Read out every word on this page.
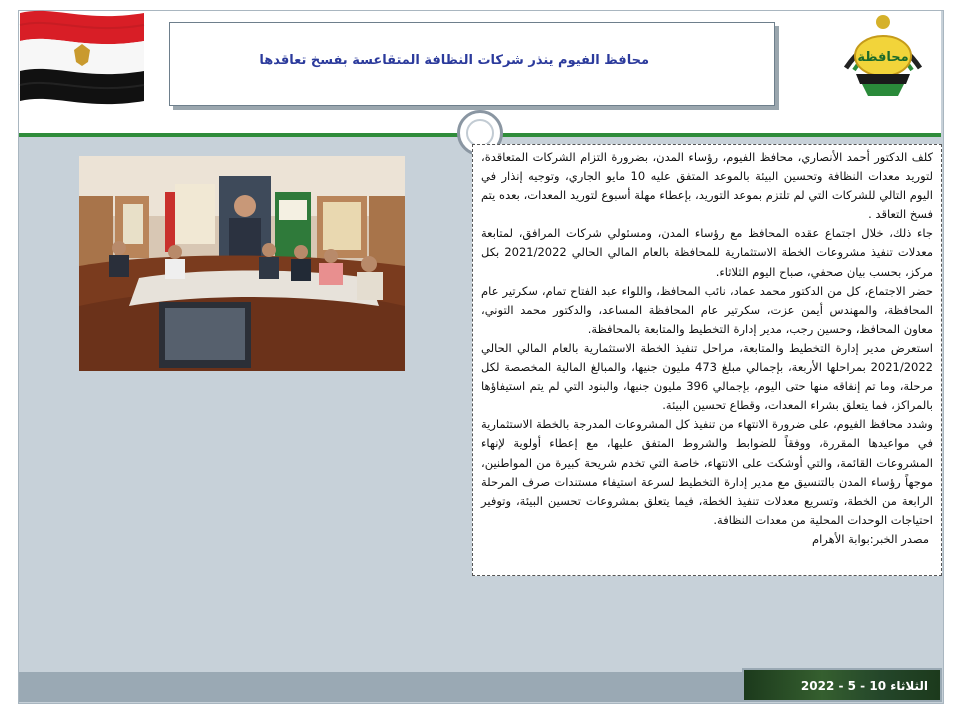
محافظة
محافظ الفيوم ينذر شركات النظافة المتقاعسة بفسخ تعاقدها

كلف الدكتور أحمد الأنصاري، محافظ الفيوم، رؤساء المدن، بضرورة التزام الشركات المتعاقدة، لتوريد معدات النظافة وتحسين البيئة بالموعد المتفق عليه 10 مايو الجاري، وتوجيه إنذار في اليوم التالي للشركات التي لم تلتزم بموعد التوريد، بإعطاء مهلة أسبوع لتوريد المعدات، بعده يتم فسخ التعاقد .

جاء ذلك، خلال اجتماع عقده المحافظ مع رؤساء المدن، ومسئولي شركات المرافق، لمتابعة معدلات تنفيذ مشروعات الخطة الاستثمارية للمحافظة بالعام المالي الحالي 2021/2022 بكل مركز، بحسب بيان صحفي، صباح اليوم الثلاثاء.

حضر الاجتماع، كل من الدكتور محمد عماد، نائب المحافظ، واللواء عبد الفتاح تمام، سكرتير عام المحافظة، والمهندس أيمن عزت، سكرتير عام المحافظة المساعد، والدكتور محمد التوني، معاون المحافظ، وحسين رجب، مدير إدارة التخطيط والمتابعة بالمحافظة.

استعرض مدير إدارة التخطيط والمتابعة، مراحل تنفيذ الخطة الاستثمارية بالعام المالي الحالي 2021/2022 بمراحلها الأربعة، بإجمالي مبلغ 473 مليون جنيها، والمبالغ المالية المخصصة لكل مرحلة، وما تم إنفاقه منها حتى اليوم، بإجمالي 396 مليون جنيها، والبنود التي لم يتم استيفاؤها بالمراكز، فما يتعلق بشراء المعدات، وقطاع تحسين البيئة.

وشدد محافظ الفيوم، على ضرورة الانتهاء من تنفيذ كل المشروعات المدرجة بالخطة الاستثمارية في مواعيدها المقررة، ووفقاً للضوابط والشروط المتفق عليها، مع إعطاء أولوية لإنهاء المشروعات القائمة، والتي أوشكت على الانتهاء، خاصة التي تخدم شريحة كبيرة من المواطنين، موجهاً رؤساء المدن بالتنسيق مع مدير إدارة التخطيط لسرعة استيفاء مستندات صرف المرحلة الرابعة من الخطة، وتسريع معدلات تنفيذ الخطة، فيما يتعلق بمشروعات تحسين البيئة، وتوفير احتياجات الوحدات المحلية من معدات النظافة.

مصدر الخبر:بوابة الأهرام

الثلاثاء 10 - 5 - 2022
